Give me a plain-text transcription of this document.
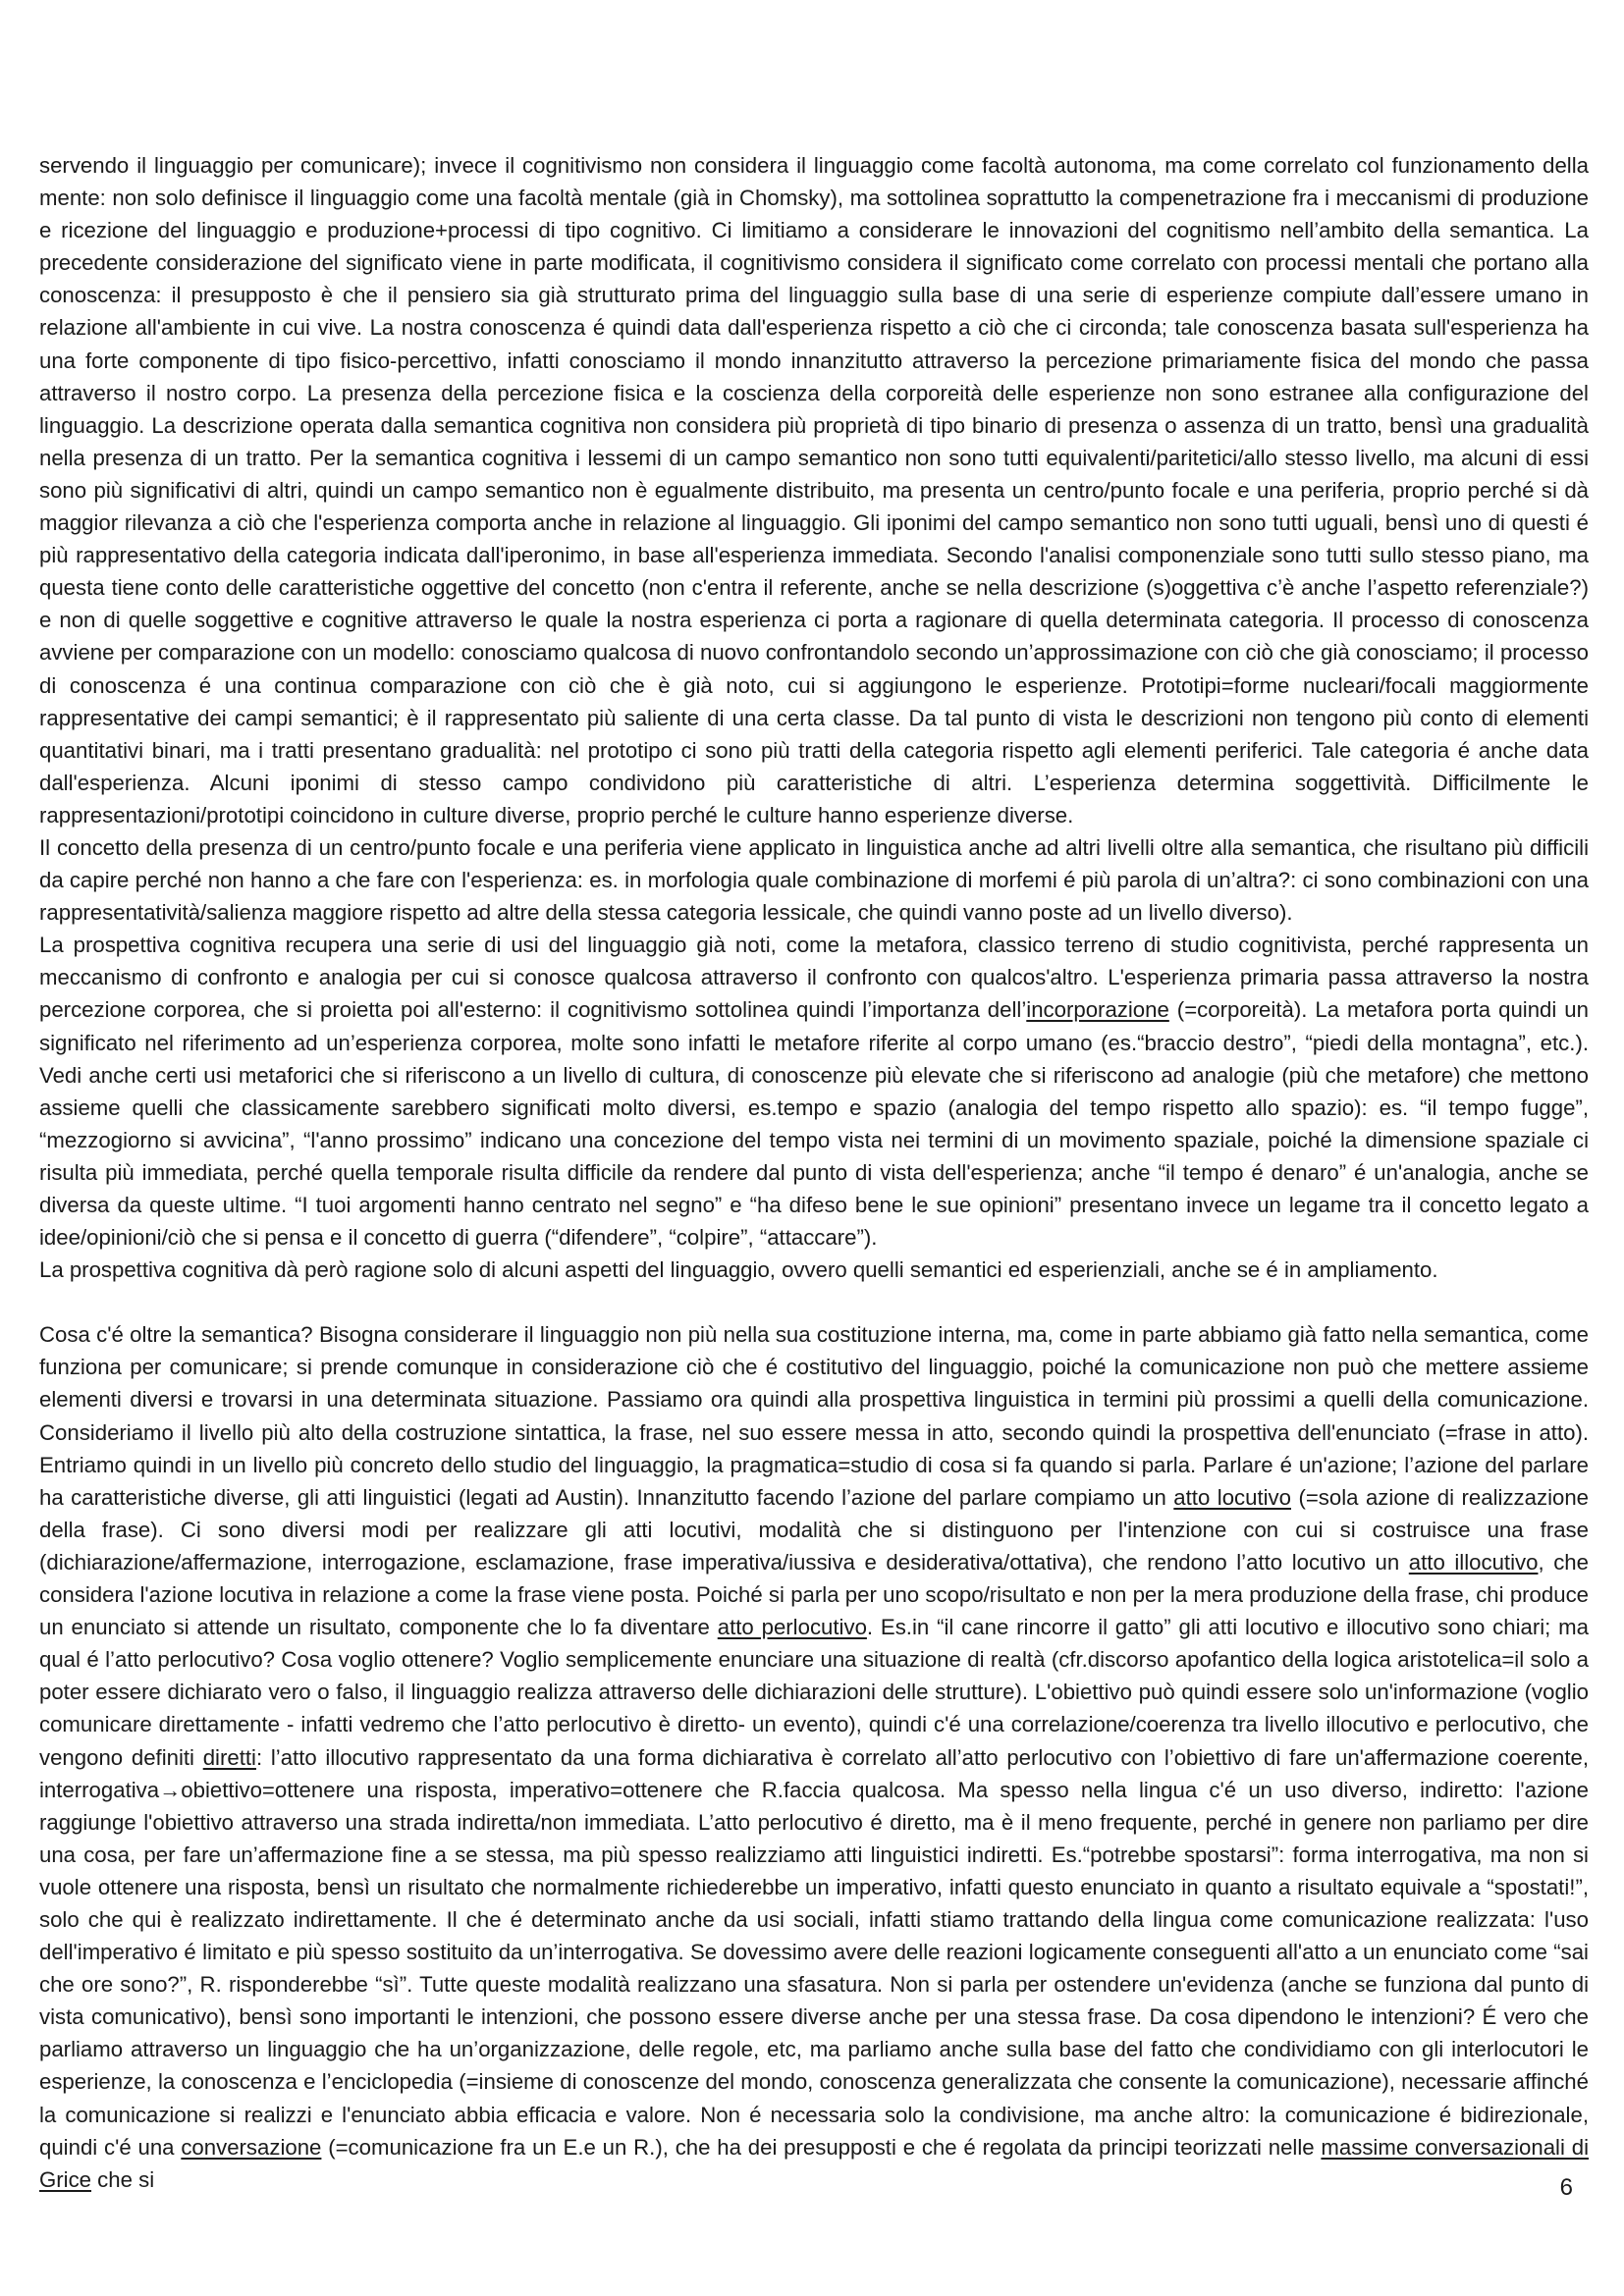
servendo il linguaggio per comunicare); invece il cognitivismo non considera il linguaggio come facoltà autonoma, ma come correlato col funzionamento della mente: non solo definisce il linguaggio come una facoltà mentale (già in Chomsky), ma sottolinea soprattutto la compenetrazione fra i meccanismi di produzione e ricezione del linguaggio e produzione+processi di tipo cognitivo. Ci limitiamo a considerare le innovazioni del cognitismo nell’ambito della semantica. La precedente considerazione del significato viene in parte modificata, il cognitivismo considera il significato come correlato con processi mentali che portano alla conoscenza: il presupposto è che il pensiero sia già strutturato prima del linguaggio sulla base di una serie di esperienze compiute dall’essere umano in relazione all'ambiente in cui vive. La nostra conoscenza é quindi data dall'esperienza rispetto a ciò che ci circonda; tale conoscenza basata sull'esperienza ha una forte componente di tipo fisico-percettivo, infatti conosciamo il mondo innanzitutto attraverso la percezione primariamente fisica del mondo che passa attraverso il nostro corpo. La presenza della percezione fisica e la coscienza della corporeità delle esperienze non sono estranee alla configurazione del linguaggio. La descrizione operata dalla semantica cognitiva non considera più proprietà di tipo binario di presenza o assenza di un tratto, bensì una gradualità nella presenza di un tratto. Per la semantica cognitiva i lessemi di un campo semantico non sono tutti equivalenti/paritetici/allo stesso livello, ma alcuni di essi sono più significativi di altri, quindi un campo semantico non è egualmente distribuito, ma presenta un centro/punto focale e una periferia, proprio perché si dà maggior rilevanza a ciò che l'esperienza comporta anche in relazione al linguaggio. Gli iponimi del campo semantico non sono tutti uguali, bensì uno di questi é più rappresentativo della categoria indicata dall'iperonimo, in base all'esperienza immediata. Secondo l'analisi componenziale sono tutti sullo stesso piano, ma questa tiene conto delle caratteristiche oggettive del concetto (non c'entra il referente, anche se nella descrizione (s)oggettiva c’è anche l’aspetto referenziale?) e non di quelle soggettive e cognitive attraverso le quale la nostra esperienza ci porta a ragionare di quella determinata categoria. Il processo di conoscenza avviene per comparazione con un modello: conosciamo qualcosa di nuovo confrontandolo secondo un’approssimazione con ciò che già conosciamo; il processo di conoscenza é una continua comparazione con ciò che è già noto, cui si aggiungono le esperienze. Prototipi=forme nucleari/focali maggiormente rappresentative dei campi semantici; è il rappresentato più saliente di una certa classe. Da tal punto di vista le descrizioni non tengono più conto di elementi quantitativi binari, ma i tratti presentano gradualità: nel prototipo ci sono più tratti della categoria rispetto agli elementi periferici. Tale categoria é anche data dall'esperienza. Alcuni iponimi di stesso campo condividono più caratteristiche di altri. L’esperienza determina soggettività. Difficilmente le rappresentazioni/prototipi coincidono in culture diverse, proprio perché le culture hanno esperienze diverse.

Il concetto della presenza di un centro/punto focale e una periferia viene applicato in linguistica anche ad altri livelli oltre alla semantica, che risultano più difficili da capire perché non hanno a che fare con l'esperienza: es. in morfologia quale combinazione di morfemi é più parola di un’altra?: ci sono combinazioni con una rappresentatività/salienza maggiore rispetto ad altre della stessa categoria lessicale, che quindi vanno poste ad un livello diverso).

La prospettiva cognitiva recupera una serie di usi del linguaggio già noti, come la metafora, classico terreno di studio cognitivista, perché rappresenta un meccanismo di confronto e analogia per cui si conosce qualcosa attraverso il confronto con qualcos'altro. L'esperienza primaria passa attraverso la nostra percezione corporea, che si proietta poi all'esterno: il cognitivismo sottolinea quindi l’importanza dell’incorporazione (=corporeità). La metafora porta quindi un significato nel riferimento ad un’esperienza corporea, molte sono infatti le metafore riferite al corpo umano (es.“braccio destro”, “piedi della montagna”, etc.). Vedi anche certi usi metaforici che si riferiscono a un livello di cultura, di conoscenze più elevate che si riferiscono ad analogie (più che metafore) che mettono assieme quelli che classicamente sarebbero significati molto diversi, es.tempo e spazio (analogia del tempo rispetto allo spazio): es. “il tempo fugge”, “mezzogiorno si avvicina”, “l'anno prossimo” indicano una concezione del tempo vista nei termini di un movimento spaziale, poiché la dimensione spaziale ci risulta più immediata, perché quella temporale risulta difficile da rendere dal punto di vista dell'esperienza; anche “il tempo é denaro” é un'analogia, anche se diversa da queste ultime. “I tuoi argomenti hanno centrato nel segno” e “ha difeso bene le sue opinioni” presentano invece un legame tra il concetto legato a idee/opinioni/ciò che si pensa e il concetto di guerra (“difendere”, “colpire”, “attaccare”).

La prospettiva cognitiva dà però ragione solo di alcuni aspetti del linguaggio, ovvero quelli semantici ed esperienziali, anche se é in ampliamento.

Cosa c'é oltre la semantica? Bisogna considerare il linguaggio non più nella sua costituzione interna, ma, come in parte abbiamo già fatto nella semantica, come funziona per comunicare; si prende comunque in considerazione ciò che é costitutivo del linguaggio, poiché la comunicazione non può che mettere assieme elementi diversi e trovarsi in una determinata situazione. Passiamo ora quindi alla prospettiva linguistica in termini più prossimi a quelli della comunicazione. Consideriamo il livello più alto della costruzione sintattica, la frase, nel suo essere messa in atto, secondo quindi la prospettiva dell'enunciato (=frase in atto). Entriamo quindi in un livello più concreto dello studio del linguaggio, la pragmatica=studio di cosa si fa quando si parla. Parlare é un'azione; l’azione del parlare ha caratteristiche diverse, gli atti linguistici (legati ad Austin). Innanzitutto facendo l’azione del parlare compiamo un atto locutivo (=sola azione di realizzazione della frase). Ci sono diversi modi per realizzare gli atti locutivi, modalità che si distinguono per l'intenzione con cui si costruisce una frase (dichiarazione/affermazione, interrogazione, esclamazione, frase imperativa/iussiva e desiderativa/ottativa), che rendono l’atto locutivo un atto illocutivo, che considera l'azione locutiva in relazione a come la frase viene posta. Poiché si parla per uno scopo/risultato e non per la mera produzione della frase, chi produce un enunciato si attende un risultato, componente che lo fa diventare atto perlocutivo. Es.in “il cane rincorre il gatto” gli atti locutivo e illocutivo sono chiari; ma qual é l’atto perlocutivo? Cosa voglio ottenere? Voglio semplicemente enunciare una situazione di realtà (cfr.discorso apofantico della logica aristotelica=il solo a poter essere dichiarato vero o falso, il linguaggio realizza attraverso delle dichiarazioni delle strutture). L'obiettivo può quindi essere solo un'informazione (voglio comunicare direttamente - infatti vedremo che l’atto perlocutivo è diretto- un evento), quindi c'é una correlazione/coerenza tra livello illocutivo e perlocutivo, che vengono definiti diretti: l’atto illocutivo rappresentato da una forma dichiarativa è correlato all’atto perlocutivo con l’obiettivo di fare un'affermazione coerente, interrogativa→obiettivo=ottenere una risposta, imperativo=ottenere che R.faccia qualcosa. Ma spesso nella lingua c'é un uso diverso, indiretto: l'azione raggiunge l'obiettivo attraverso una strada indiretta/non immediata. L’atto perlocutivo é diretto, ma è il meno frequente, perché in genere non parliamo per dire una cosa, per fare un’affermazione fine a se stessa, ma più spesso realizziamo atti linguistici indiretti. Es.“potrebbe spostarsi”: forma interrogativa, ma non si vuole ottenere una risposta, bensì un risultato che normalmente richiederebbe un imperativo, infatti questo enunciato in quanto a risultato equivale a “spostati!”, solo che qui è realizzato indirettamente. Il che é determinato anche da usi sociali, infatti stiamo trattando della lingua come comunicazione realizzata: l'uso dell'imperativo é limitato e più spesso sostituito da un’interrogativa. Se dovessimo avere delle reazioni logicamente conseguenti all'atto a un enunciato come “sai che ore sono?”, R. risponderebbe “sì”. Tutte queste modalità realizzano una sfasatura. Non si parla per ostendere un'evidenza (anche se funziona dal punto di vista comunicativo), bensì sono importanti le intenzioni, che possono essere diverse anche per una stessa frase. Da cosa dipendono le intenzioni? É vero che parliamo attraverso un linguaggio che ha un’organizzazione, delle regole, etc, ma parliamo anche sulla base del fatto che condividiamo con gli interlocutori le esperienze, la conoscenza e l’enciclopedia (=insieme di conoscenze del mondo, conoscenza generalizzata che consente la comunicazione), necessarie affinché la comunicazione si realizzi e l'enunciato abbia efficacia e valore. Non é necessaria solo la condivisione, ma anche altro: la comunicazione é bidirezionale, quindi c'é una conversazione (=comunicazione fra un E.e un R.), che ha dei presupposti e che é regolata da principi teorizzati nelle massime conversazionali di Grice che si	6
